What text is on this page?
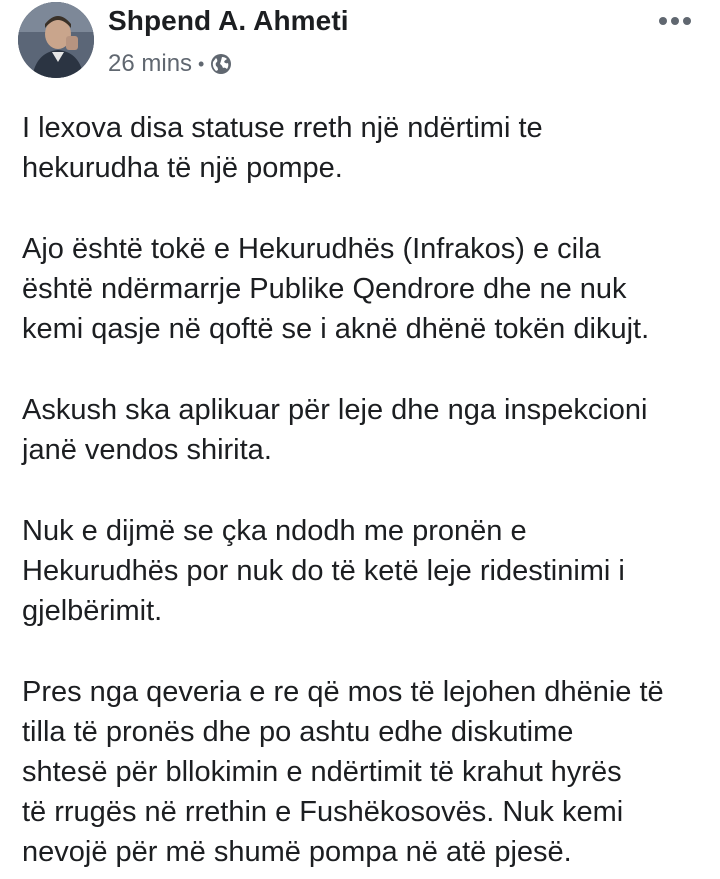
Shpend A. Ahmeti
26 mins •

I lexova disa statuse rreth një ndërtimi te
hekurudha të një pompe.

Ajo është tokë e Hekurudhës (Infrakos) e cila
është ndërmarrje Publike Qendrore dhe ne nuk
kemi qasje në qoftë se i aknë dhënë tokën dikujt.

Askush ska aplikuar për leje dhe nga inspekcioni
janë vendos shirita.

Nuk e dijmë se çka ndodh me pronën e
Hekurudhës por nuk do të ketë leje ridestinimi i
gjelbërimit.

Pres nga qeveria e re që mos të lejohen dhënie të
tilla të pronës dhe po ashtu edhe diskutime
shtesë për bllokimin e ndërtimit të krahut hyrës
të rrugës në rrethin e Fushëkosovës. Nuk kemi
nevojë për më shumë pompa në atë pjesë.
